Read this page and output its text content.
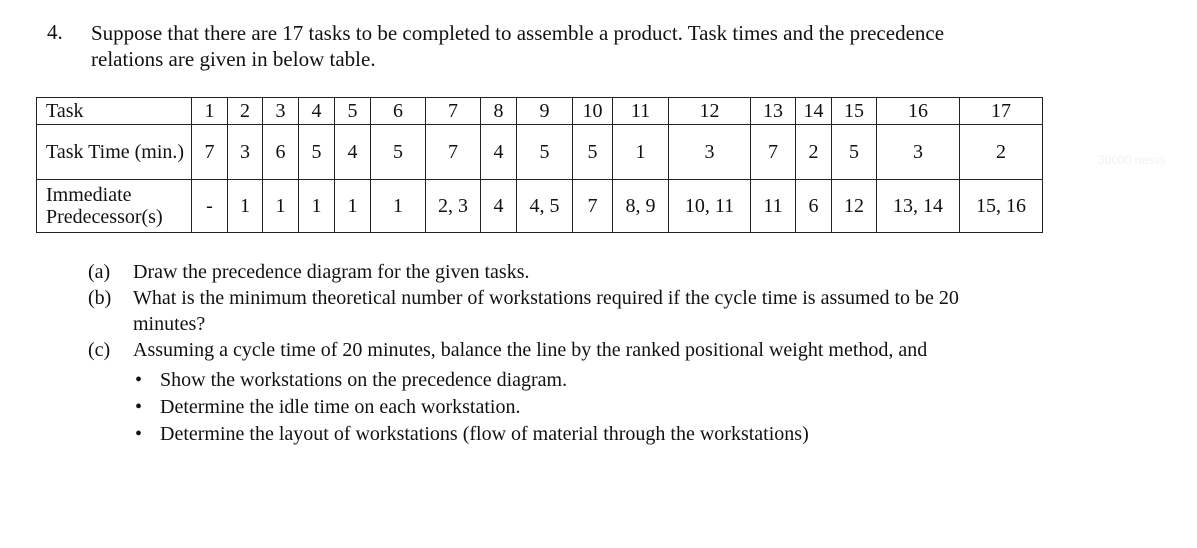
4. Suppose that there are 17 tasks to be completed to assemble a product. Task times and the precedence relations are given in below table.
Task	1	2	3	4	5	6	7	8	9	10	11	12	13	14	15	16	17
Task Time (min.)	7	3	6	5	4	5	7	4	5	5	1	3	7	2	5	3	2
Immediate Predecessor(s)	-	1	1	1	1	1	2, 3	4	4, 5	7	8, 9	10, 11	11	6	12	13, 14	15, 16
(a) Draw the precedence diagram for the given tasks.
(b) What is the minimum theoretical number of workstations required if the cycle time is assumed to be 20 minutes?
(c) Assuming a cycle time of 20 minutes, balance the line by the ranked positional weight method, and
• Show the workstations on the precedence diagram.
• Determine the idle time on each workstation.
• Determine the layout of workstations (flow of material through the workstations)
30000 nasss
